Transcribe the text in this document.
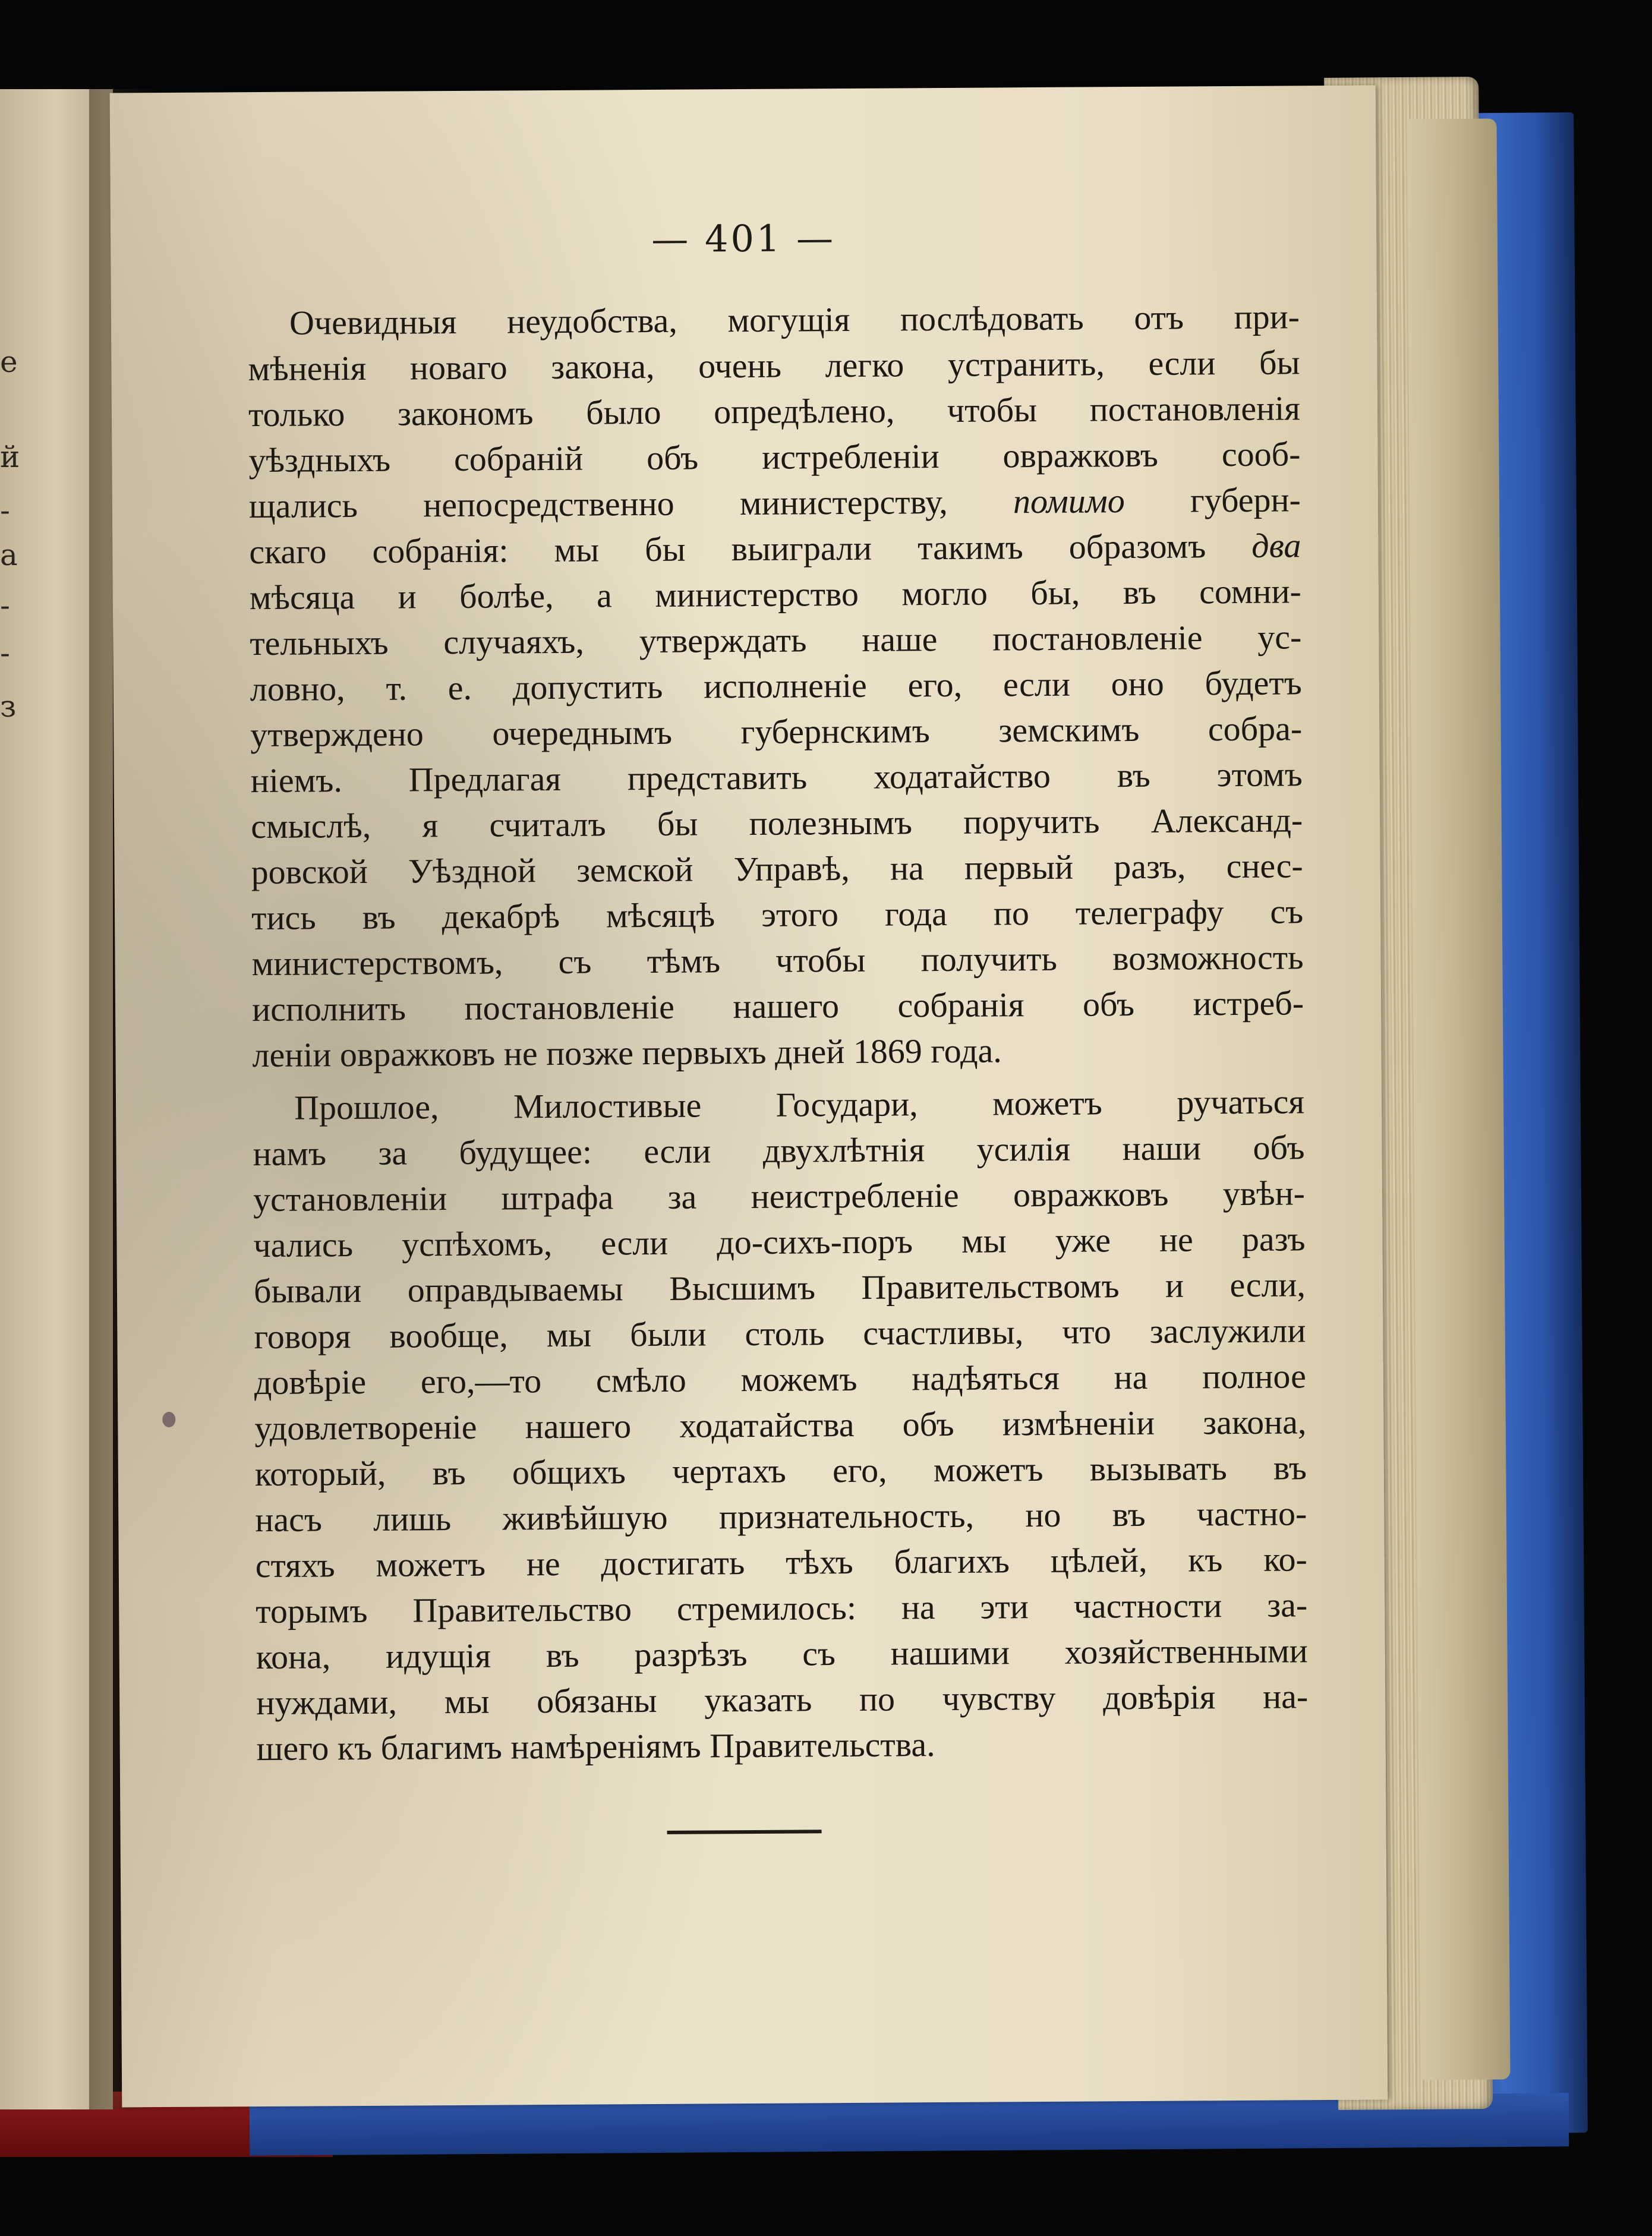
е
й
-
а
-
-
з
— 401 —
Очевидныя неудобства, могущія послѣдовать отъ при-
мѣненія новаго закона, очень легко устранить, если бы
только закономъ было опредѣлено, чтобы постановленія
уѣздныхъ собраній объ истребленіи овражковъ сооб-
щались непосредственно министерству, помимо губерн-
скаго собранія: мы бы выиграли такимъ образомъ два
мѣсяца и болѣе, а министерство могло бы, въ сомни-
тельныхъ случаяхъ, утверждать наше постановленіе ус-
ловно, т. е. допустить исполненіе его, если оно будетъ
утверждено очереднымъ губернскимъ земскимъ собра-
ніемъ. Предлагая представить ходатайство въ этомъ
смыслѣ, я считалъ бы полезнымъ поручить Александ-
ровской Уѣздной земской Управѣ, на первый разъ, снес-
тись въ декабрѣ мѣсяцѣ этого года по телеграфу съ
министерствомъ, съ тѣмъ чтобы получить возможность
исполнить постановленіе нашего собранія объ истреб-
леніи овражковъ не позже первыхъ дней 1869 года.
Прошлое, Милостивые Государи, можетъ ручаться
намъ за будущее: если двухлѣтнія усилія наши объ
установленіи штрафа за неистребленіе овражковъ увѣн-
чались успѣхомъ, если до-сихъ-поръ мы уже не разъ
бывали оправдываемы Высшимъ Правительствомъ и если,
говоря вообще, мы были столь счастливы, что заслужили
довѣріе его,—то смѣло можемъ надѣяться на полное
удовлетвореніе нашего ходатайства объ измѣненіи закона,
который, въ общихъ чертахъ его, можетъ вызывать въ
насъ лишь живѣйшую признательность, но въ частно-
стяхъ можетъ не достигать тѣхъ благихъ цѣлей, къ ко-
торымъ Правительство стремилось: на эти частности за-
кона, идущія въ разрѣзъ съ нашими хозяйственными
нуждами, мы обязаны указать по чувству довѣрія на-
шего къ благимъ намѣреніямъ Правительства.
